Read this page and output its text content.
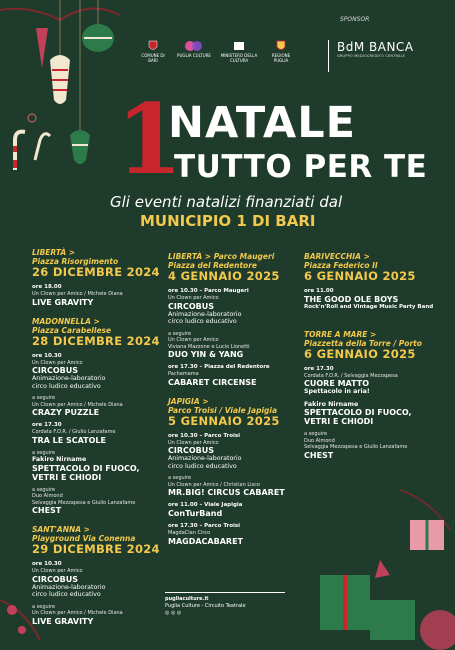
SPONSOR
COMUNE DI BARI
PUGLIA CULTURE	MINISTERO DELLA CULTURA
REGIONE PUGLIA
BdM BANCA
GRUPPO MEDIOCREDITO CENTRALE
1
NATALE
TUTTO PER TE
Gli eventi natalizi finanziati dal
MUNICIPIO 1 DI BARI
LIBERTÀ >
Piazza Risorgimento
26 DICEMBRE 2024
ore 18.00
Un Clown per Amico / Michele Diana
LIVE GRAVITY
MADONNELLA >
Piazza Carabellese
28 DICEMBRE 2024
ore 10.30
Un Clown per Amico
CIRCOBUS
Animazione-laboratorio
circo ludico educativo
a seguire
Un Clown per Amico / Michele Diana
CRAZY PUZZLE
ore 17.30
Cordata F.O.R. / Giulio Lanzafame
TRA LE SCATOLE
a seguire
Fakiro Nirname
SPETTACOLO DI FUOCO,
VETRI E CHIODI
a seguire
Duo Almond
Selvaggia Mezzapesa e Giulio Lanzafame
CHEST
SANT'ANNA >
Playground Via Conenna
29 DICEMBRE 2024
ore 10.30
Un Clown per Amico
CIRCOBUS
Animazione-laboratorio
circo ludico educativo
a seguire
Un Clown per Amico / Michele Diana
LIVE GRAVITY
LIBERTÀ > Parco Maugeri
Piazza del Redentore
4 GENNAIO 2025
ore 10.30 – Parco Maugeri
Un Clown per Amico
CIRCOBUS
Animazione-laboratorio
circo ludico educativo
a seguire
Un Clown per Amico
Viviana Mazzone e Lucio Lionetti
DUO YIN & YANG
ore 17.30 – Piazza del Redentore
Pachamama
CABARET CIRCENSE
JAPIGIA >
Parco Troisi / Viale Japigia
5 GENNAIO 2025
ore 10.30 – Parco Troisi
Un Clown per Amico
CIRCOBUS
Animazione-laboratorio
circo ludico educativo
a seguire
Un Clown per Amico / Christian Lisco
MR.BIG! CIRCUS CABARET
ore 11.00 – Viale Japigia
ConTurBand
ore 17.30 – Parco Troisi
MagdaClan Circo
MAGDACABARET
BARIVECCHIA >
Piazza Federico II
6 GENNAIO 2025
ore 11.00
THE GOOD OLE BOYS
Rock'n'Roll and Vintage Music Party Band
TORRE A MARE >
Piazzetta della Torre / Porto
6 GENNAIO 2025
ore 17.30
Cordata F.O.R. / Selvaggia Mezzapesa
CUORE MATTO
Spettacolo in aria!
Fakiro Nirname
SPETTACOLO DI FUOCO,
VETRI E CHIODI
a seguire
Duo Almond
Selvaggia Mezzapesa e Giulio Lanzafame
CHEST
pugliaculture.it
Puglia Culture - Circuito Teatrale
◎ ◎ ◎
